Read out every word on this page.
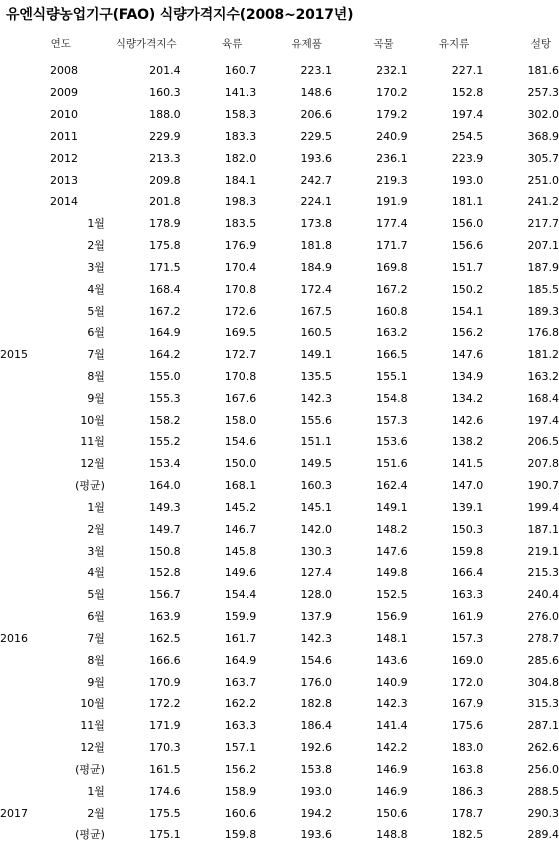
유엔식량농업기구(FAO) 식량가격지수(2008~2017년)
연도		식량가격지수	육류	유제품	곡물	유지류	설탕
2008		201.4	160.7	223.1	232.1	227.1	181.6
2009		160.3	141.3	148.6	170.2	152.8	257.3
2010		188.0	158.3	206.6	179.2	197.4	302.0
2011		229.9	183.3	229.5	240.9	254.5	368.9
2012		213.3	182.0	193.6	236.1	223.9	305.7
2013		209.8	184.1	242.7	219.3	193.0	251.0
2014		201.8	198.3	224.1	191.9	181.1	241.2
2015	1월	178.9	183.5	173.8	177.4	156.0	217.7
	2월	175.8	176.9	181.8	171.7	156.6	207.1
	3월	171.5	170.4	184.9	169.8	151.7	187.9
	4월	168.4	170.8	172.4	167.2	150.2	185.5
	5월	167.2	172.6	167.5	160.8	154.1	189.3
	6월	164.9	169.5	160.5	163.2	156.2	176.8
	7월	164.2	172.7	149.1	166.5	147.6	181.2
	8월	155.0	170.8	135.5	155.1	134.9	163.2
	9월	155.3	167.6	142.3	154.8	134.2	168.4
	10월	158.2	158.0	155.6	157.3	142.6	197.4
	11월	155.2	154.6	151.1	153.6	138.2	206.5
	12월	153.4	150.0	149.5	151.6	141.5	207.8
	(평균)	164.0	168.1	160.3	162.4	147.0	190.7
2016	1월	149.3	145.2	145.1	149.1	139.1	199.4
	2월	149.7	146.7	142.0	148.2	150.3	187.1
	3월	150.8	145.8	130.3	147.6	159.8	219.1
	4월	152.8	149.6	127.4	149.8	166.4	215.3
	5월	156.7	154.4	128.0	152.5	163.3	240.4
	6월	163.9	159.9	137.9	156.9	161.9	276.0
	7월	162.5	161.7	142.3	148.1	157.3	278.7
	8월	166.6	164.9	154.6	143.6	169.0	285.6
	9월	170.9	163.7	176.0	140.9	172.0	304.8
	10월	172.2	162.2	182.8	142.3	167.9	315.3
	11월	171.9	163.3	186.4	141.4	175.6	287.1
	12월	170.3	157.1	192.6	142.2	183.0	262.6
	(평균)	161.5	156.2	153.8	146.9	163.8	256.0
2017	1월	174.6	158.9	193.0	146.9	186.3	288.5
	2월	175.5	160.6	194.2	150.6	178.7	290.3
	(평균)	175.1	159.8	193.6	148.8	182.5	289.4
